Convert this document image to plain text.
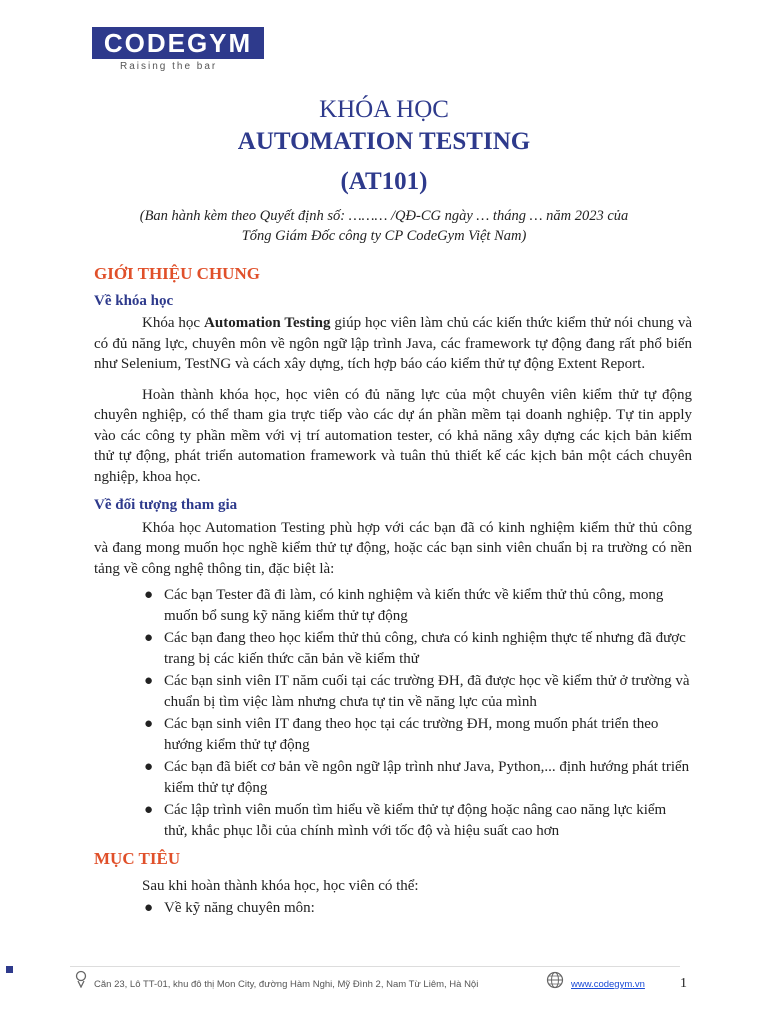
CODEGYM
Raising the bar
KHÓA HỌC
AUTOMATION TESTING
(AT101)
(Ban hành kèm theo Quyết định số: ……… /QĐ-CG ngày … tháng … năm 2023 của
Tổng Giám Đốc công ty CP CodeGym Việt Nam)
GIỚI THIỆU CHUNG
Về khóa học

Khóa học Automation Testing giúp học viên làm chủ các kiến thức kiểm thử nói chung và có đủ năng lực, chuyên môn về ngôn ngữ lập trình Java, các framework tự động đang rất phổ biến như Selenium, TestNG và cách xây dựng, tích hợp báo cáo kiểm thử tự động Extent Report.

Hoàn thành khóa học, học viên có đủ năng lực của một chuyên viên kiểm thử tự động chuyên nghiệp, có thể tham gia trực tiếp vào các dự án phần mềm tại doanh nghiệp. Tự tin apply vào các công ty phần mềm với vị trí automation tester, có khả năng xây dựng các kịch bản kiểm thử tự động, phát triển automation framework và tuân thủ thiết kế các kịch bản một cách chuyên nghiệp, khoa học.

Về đối tượng tham gia

Khóa học Automation Testing phù hợp với các bạn đã có kinh nghiệm kiểm thử thủ công và đang mong muốn học nghề kiểm thử tự động, hoặc các bạn sinh viên chuẩn bị ra trường có nền tảng về công nghệ thông tin, đặc biệt là:

● Các bạn Tester đã đi làm, có kinh nghiệm và kiến thức về kiểm thử thủ công, mong muốn bổ sung kỹ năng kiểm thử tự động
● Các bạn đang theo học kiểm thử thủ công, chưa có kinh nghiệm thực tế nhưng đã được trang bị các kiến thức căn bản về kiểm thử
● Các bạn sinh viên IT năm cuối tại các trường ĐH, đã được học về kiểm thử ở trường và chuẩn bị tìm việc làm nhưng chưa tự tin về năng lực của mình
● Các bạn sinh viên IT đang theo học tại các trường ĐH, mong muốn phát triển theo hướng kiểm thử tự động
● Các bạn đã biết cơ bản về ngôn ngữ lập trình như Java, Python,... định hướng phát triển kiểm thử tự động
● Các lập trình viên muốn tìm hiểu về kiểm thử tự động hoặc nâng cao năng lực kiểm thử, khắc phục lỗi của chính mình với tốc độ và hiệu suất cao hơn
MỤC TIÊU
Sau khi hoàn thành khóa học, học viên có thể:
● Về kỹ năng chuyên môn:
Căn 23, Lô TT-01, khu đô thị Mon City, đường Hàm Nghi, Mỹ Đình 2, Nam Từ Liêm, Hà Nội	www.codegym.vn	1
